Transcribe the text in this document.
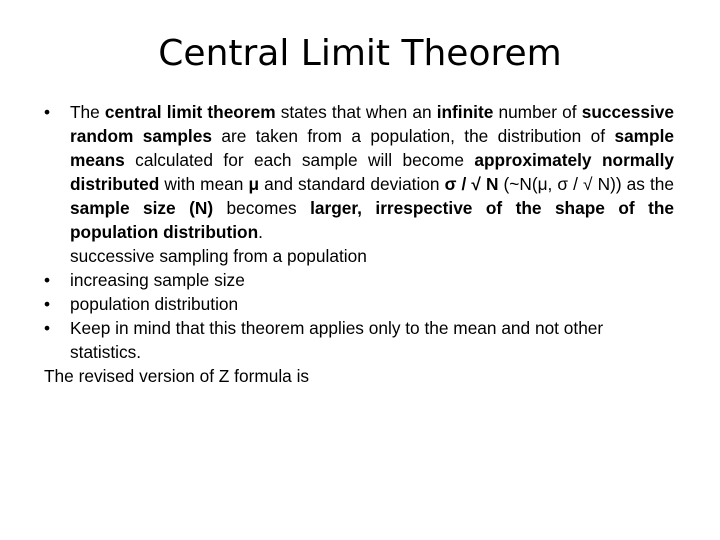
Central Limit Theorem
• The central limit theorem states that when an infinite number of successive random samples are taken from a population, the distribution of sample means calculated for each sample will become approximately normally distributed with mean μ and standard deviation σ / √ N (~N(μ, σ / √ N)) as the sample size (N) becomes larger, irrespective of the shape of the population distribution.
successive sampling from a population
• increasing sample size
• population distribution
• Keep in mind that this theorem applies only to the mean and not other statistics.
The revised version of Z formula is
